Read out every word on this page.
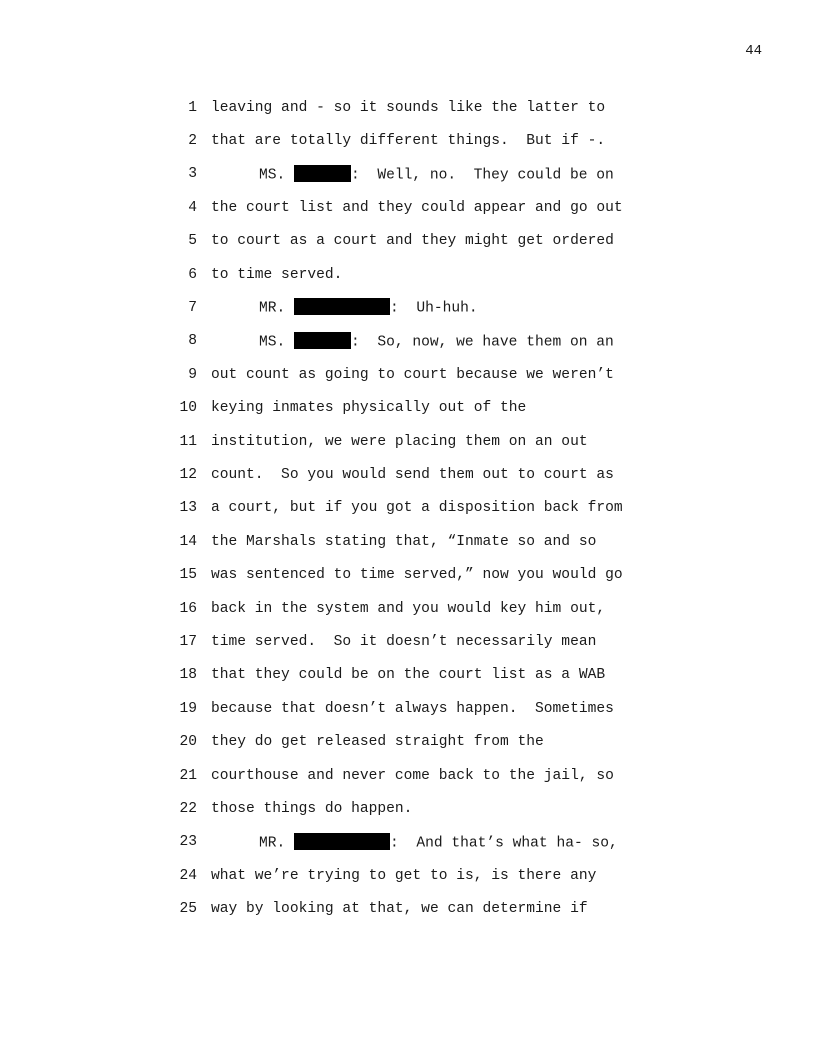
44
1 leaving and - so it sounds like the latter to
2 that are totally different things.  But if -.
3	MS.	:  Well, no.  They could be on
4 the court list and they could appear and go out
5 to court as a court and they might get ordered
6 to time served.
7	MR.	:  Uh-huh.
8	MS.	:  So, now, we have them on an
9 out count as going to court because we weren’t
10 keying inmates physically out of the
11 institution, we were placing them on an out
12 count.  So you would send them out to court as
13 a court, but if you got a disposition back from
14 the Marshals stating that, “Inmate so and so
15 was sentenced to time served,” now you would go
16 back in the system and you would key him out,
17 time served.  So it doesn’t necessarily mean
18 that they could be on the court list as a WAB
19 because that doesn’t always happen.  Sometimes
20 they do get released straight from the
21 courthouse and never come back to the jail, so
22 those things do happen.
23	MR.	:  And that’s what ha- so,
24 what we’re trying to get to is, is there any
25 way by looking at that, we can determine if
